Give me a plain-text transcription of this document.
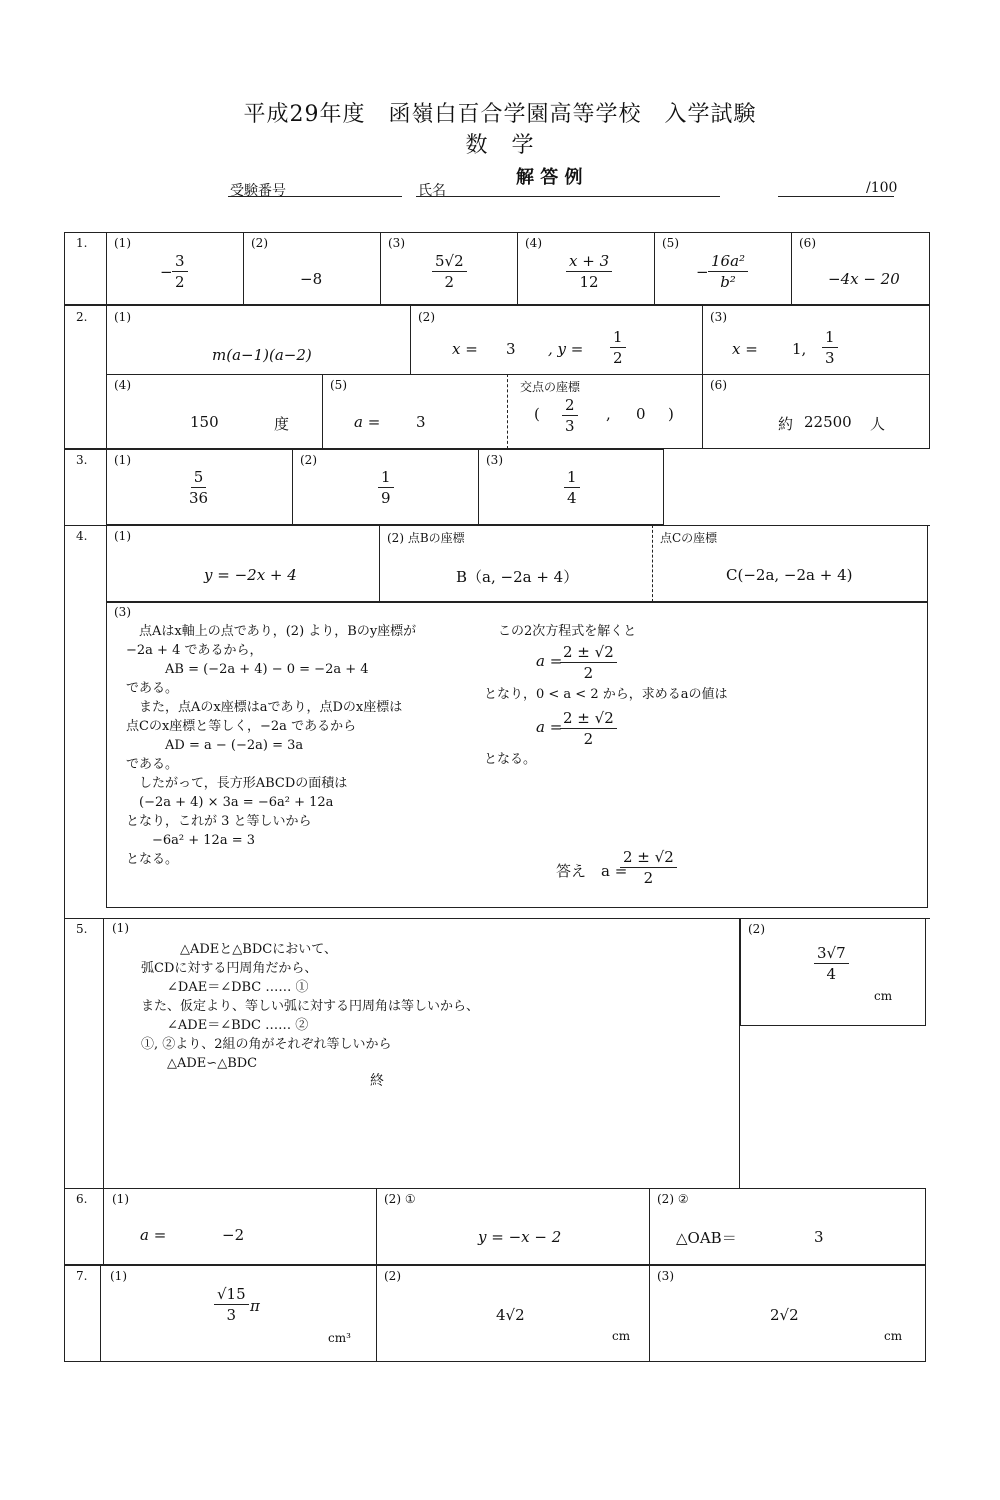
平成29年度　函嶺白百合学園高等学校　入学試験
数　学
受験番号	氏名
解 答 例	/100
1. (1)
− $\frac{3}{2}$
(2)
−8
(3)
$\frac{5√2}{2}$
(4)
$\frac{x + 3}{12}$
(5)
− $\frac{\text{16a²}}{\text{b²}}$
(6)
−4x − 20
2. (1)
m(a−1)(a−2)
(2)
x = 3 , $y = \frac{1}{2}$
(3)
x = 1, $\frac{1}{3}$
(4)
150	度
(5)
a = 3
交点の座標
( $\frac{2}{3}$ , 0 )
(6)
約 22500 人
3. (1)
$\frac{5}{36}$
(2)
$\frac{1}{9}$
(3)
$\frac{1}{4}$
4. (1)
y = −2x + 4
(2) 点Bの座標
B（a, −2a + 4）
点Cの座標
C(−2a, −2a + 4)
(3)
　点Aはx軸上の点であり，(2) より，Bのy座標が
−2a + 4 であるから，
　　　AB = (−2a + 4) − 0 = −2a + 4
である。
　また，点Aのx座標はaであり，点Dのx座標は
点Cのx座標と等しく，−2a であるから
　　　AD = a − (−2a) = 3a
である。
　したがって，長方形ABCDの面積は
　(−2a + 4) × 3a = −6a² + 12a
となり，これが 3 と等しいから
　　−6a² + 12a = 3
となる。
この2次方程式を解くと
a =
$\frac{2 \pm √2}{2}$
となり，0 < a < 2 から，求めるaの値は
a =
$\frac{2 \pm √2}{2}$
となる。
答え　a =
$\frac{2 \pm √2}{2}$
5. (1)
　　　　△ADEと△BDCにおいて、
　弧CDに対する円周角だから、
　　　∠DAE＝∠DBC …… ①
　また、仮定より、等しい弧に対する円周角は等しいから、
　　　∠ADE＝∠BDC …… ②
　①, ②より、2組の角がそれぞれ等しいから
　　　△ADE∽△BDC
終
(2)
$\frac{3√7}{4}$
cm
6. (1)
a =	−2
(2) ①
y = −x − 2
(2) ②
△OAB＝	3
7. (1)
$\frac{√15}{3}$ π
cm³
(2)
4√2
cm
(3)
2√2
cm
